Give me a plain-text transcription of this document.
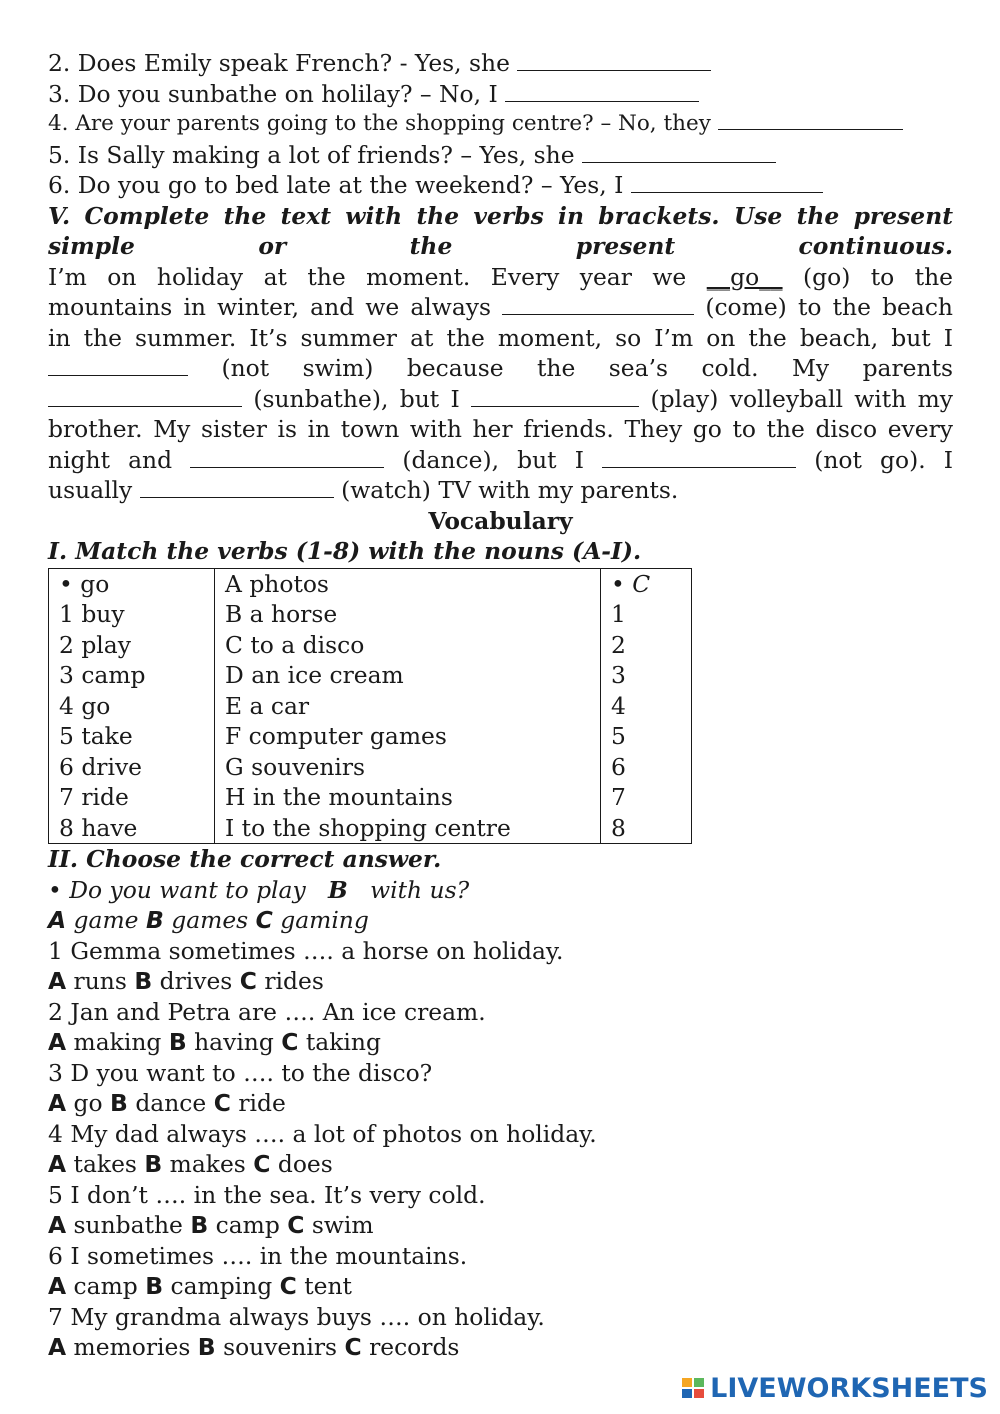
2. Does Emily speak French? - Yes, she
3. Do you sunbathe on holilay? – No, I
4. Are your parents going to the shopping centre? – No, they
5. Is Sally making a lot of friends? – Yes, she
6. Do you go to bed late at the weekend? – Yes, I
V. Complete the text with the verbs in brackets. Use the present simple or the present continuous.
I’m on holiday at the moment. Every year we __go__ (go) to the
mountains in winter, and we always	(come) to the beach
in the summer. It’s summer at the moment, so I’m on the beach, but I
(not swim) because the sea’s cold. My parents
(sunbathe), but I	(play) volleyball with my
brother. My sister is in town with her friends. They go to the disco every
night and	(dance), but I	(not go). I
usually	(watch) TV with my parents.
Vocabulary
I. Match the verbs (1-8) with the nouns (A-I).
• go	A photos	• C
1 buy	B a horse	1
2 play	C to a disco	2
3 camp	D an ice cream	3
4 go	E a car	4
5 take	F computer games	5
6 drive	G souvenirs	6
7 ride	H in the mountains	7
8 have	I to the shopping centre	8
II. Choose the correct answer.
• Do you want to play B with us?
A game B games C gaming
1 Gemma sometimes …. a horse on holiday.
A runs B drives C rides
2 Jan and Petra are …. An ice cream.
A making B having C taking
3 D you want to …. to the disco?
A go B dance C ride
4 My dad always …. a lot of photos on holiday.
A takes B makes C does
5 I don’t …. in the sea. It’s very cold.
A sunbathe B camp C swim
6 I sometimes …. in the mountains.
A camp B camping C tent
7 My grandma always buys …. on holiday.
A memories B souvenirs C records
LIVEWORKSHEETS
